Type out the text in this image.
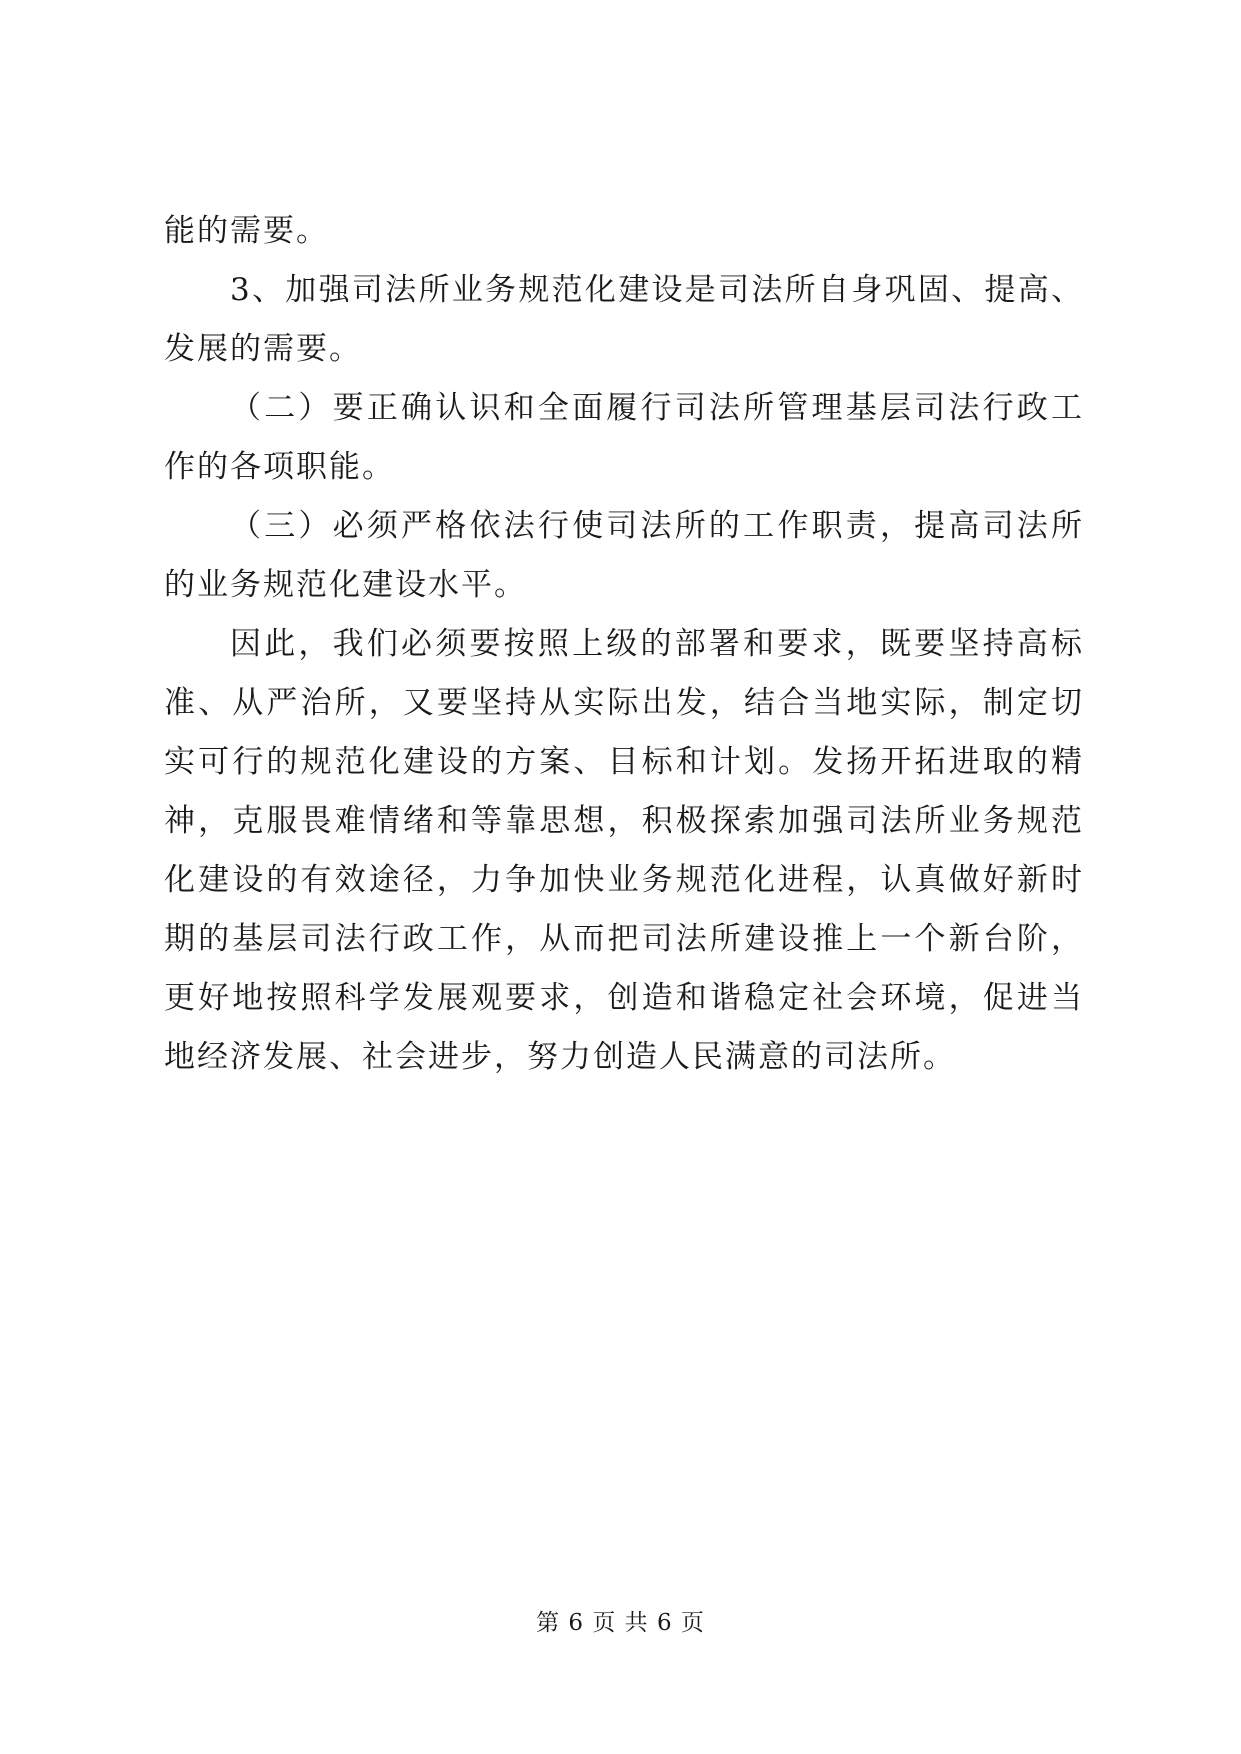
能的需要。

3、加强司法所业务规范化建设是司法所自身巩固、提高、发展的需要。

（二）要正确认识和全面履行司法所管理基层司法行政工作的各项职能。

（三）必须严格依法行使司法所的工作职责，提高司法所的业务规范化建设水平。

因此，我们必须要按照上级的部署和要求，既要坚持高标准、从严治所，又要坚持从实际出发，结合当地实际，制定切实可行的规范化建设的方案、目标和计划。发扬开拓进取的精神，克服畏难情绪和等靠思想，积极探索加强司法所业务规范化建设的有效途径，力争加快业务规范化进程，认真做好新时期的基层司法行政工作，从而把司法所建设推上一个新台阶，更好地按照科学发展观要求，创造和谐稳定社会环境，促进当地经济发展、社会进步，努力创造人民满意的司法所。

第 6 页 共 6 页
